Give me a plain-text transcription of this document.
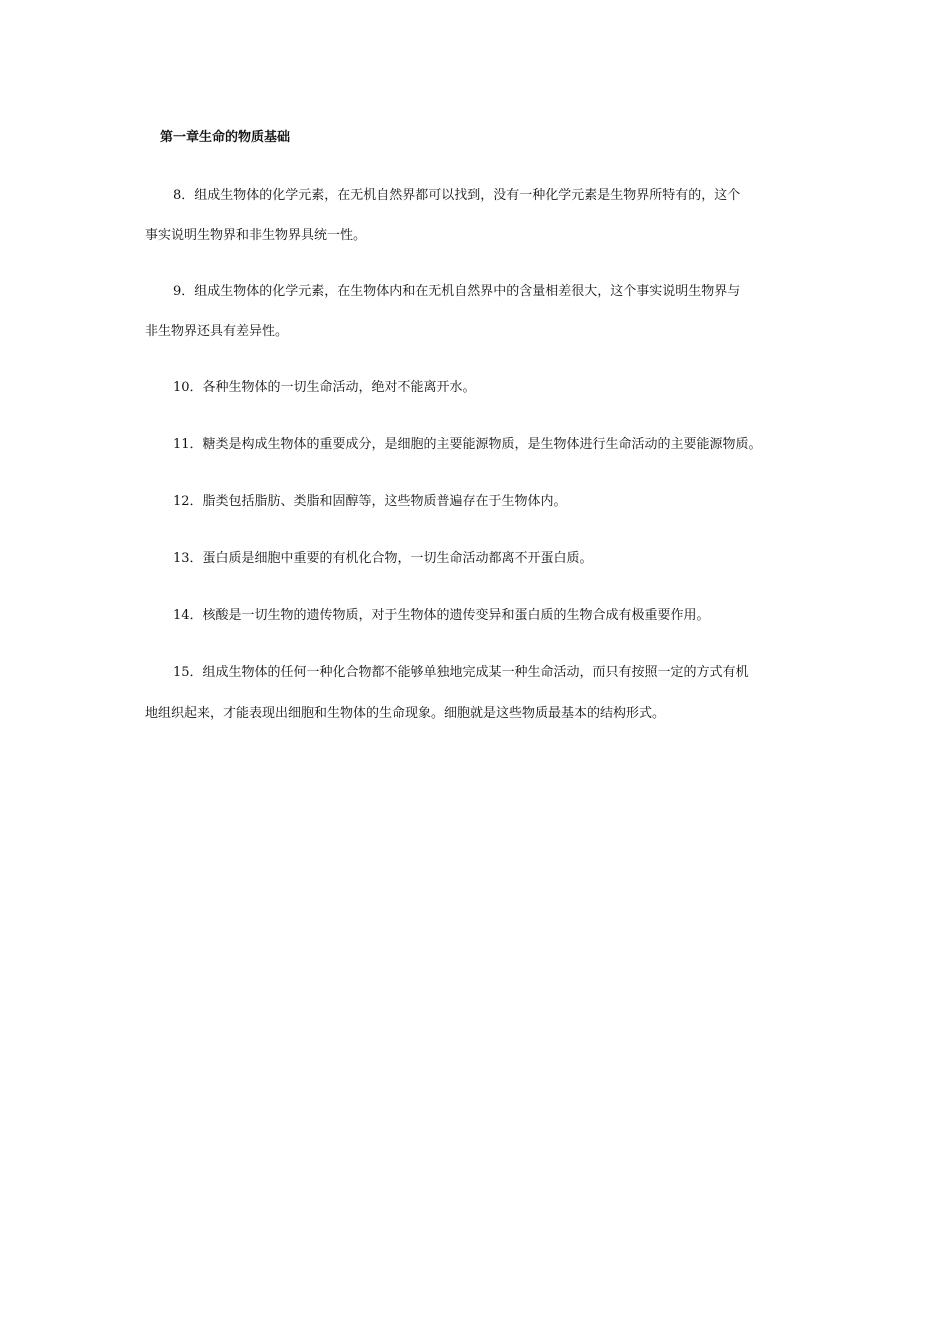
第一章生命的物质基础
8．组成生物体的化学元素，在无机自然界都可以找到，没有一种化学元素是生物界所特有的，这个
事实说明生物界和非生物界具统一性。
9．组成生物体的化学元素，在生物体内和在无机自然界中的含量相差很大，这个事实说明生物界与
非生物界还具有差异性。
10．各种生物体的一切生命活动，绝对不能离开水。
11．糖类是构成生物体的重要成分，是细胞的主要能源物质，是生物体进行生命活动的主要能源物质。
12．脂类包括脂肪、类脂和固醇等，这些物质普遍存在于生物体内。
13．蛋白质是细胞中重要的有机化合物，一切生命活动都离不开蛋白质。
14．核酸是一切生物的遗传物质，对于生物体的遗传变异和蛋白质的生物合成有极重要作用。
15．组成生物体的任何一种化合物都不能够单独地完成某一种生命活动，而只有按照一定的方式有机
地组织起来，才能表现出细胞和生物体的生命现象。细胞就是这些物质最基本的结构形式。
